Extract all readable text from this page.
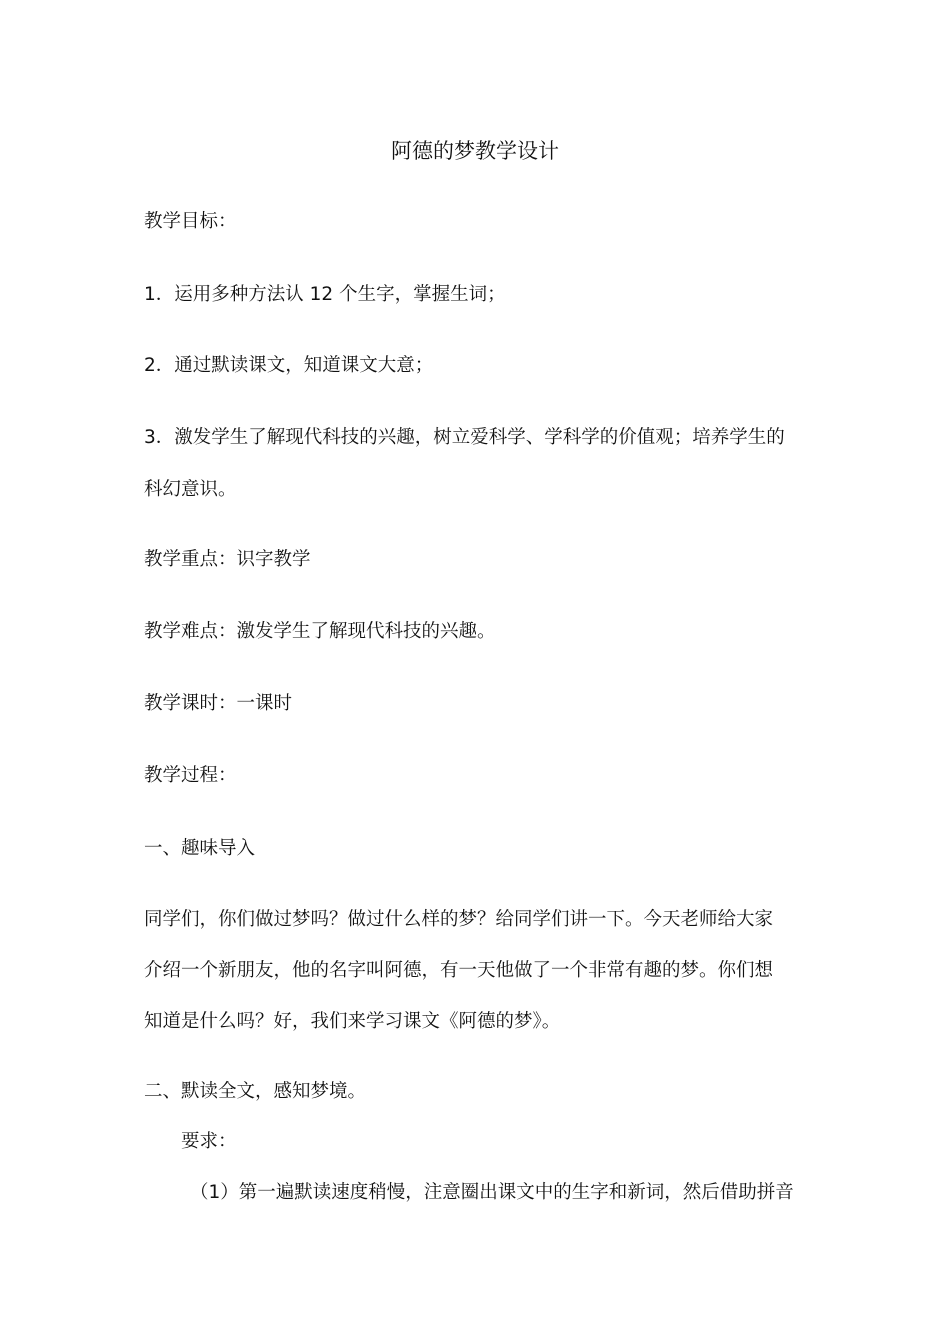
阿德的梦教学设计
教学目标：
1．运用多种方法认 12 个生字，掌握生词；
2．通过默读课文，知道课文大意；
3．激发学生了解现代科技的兴趣，树立爱科学、学科学的价值观；培养学生的
科幻意识。
教学重点：识字教学
教学难点：激发学生了解现代科技的兴趣。
教学课时：一课时
教学过程：
一、趣味导入
同学们，你们做过梦吗？做过什么样的梦？给同学们讲一下。今天老师给大家
介绍一个新朋友，他的名字叫阿德，有一天他做了一个非常有趣的梦。你们想
知道是什么吗？好，我们来学习课文《阿德的梦》。
二、默读全文，感知梦境。
要求：
（1）第一遍默读速度稍慢，注意圈出课文中的生字和新词，然后借助拼音
